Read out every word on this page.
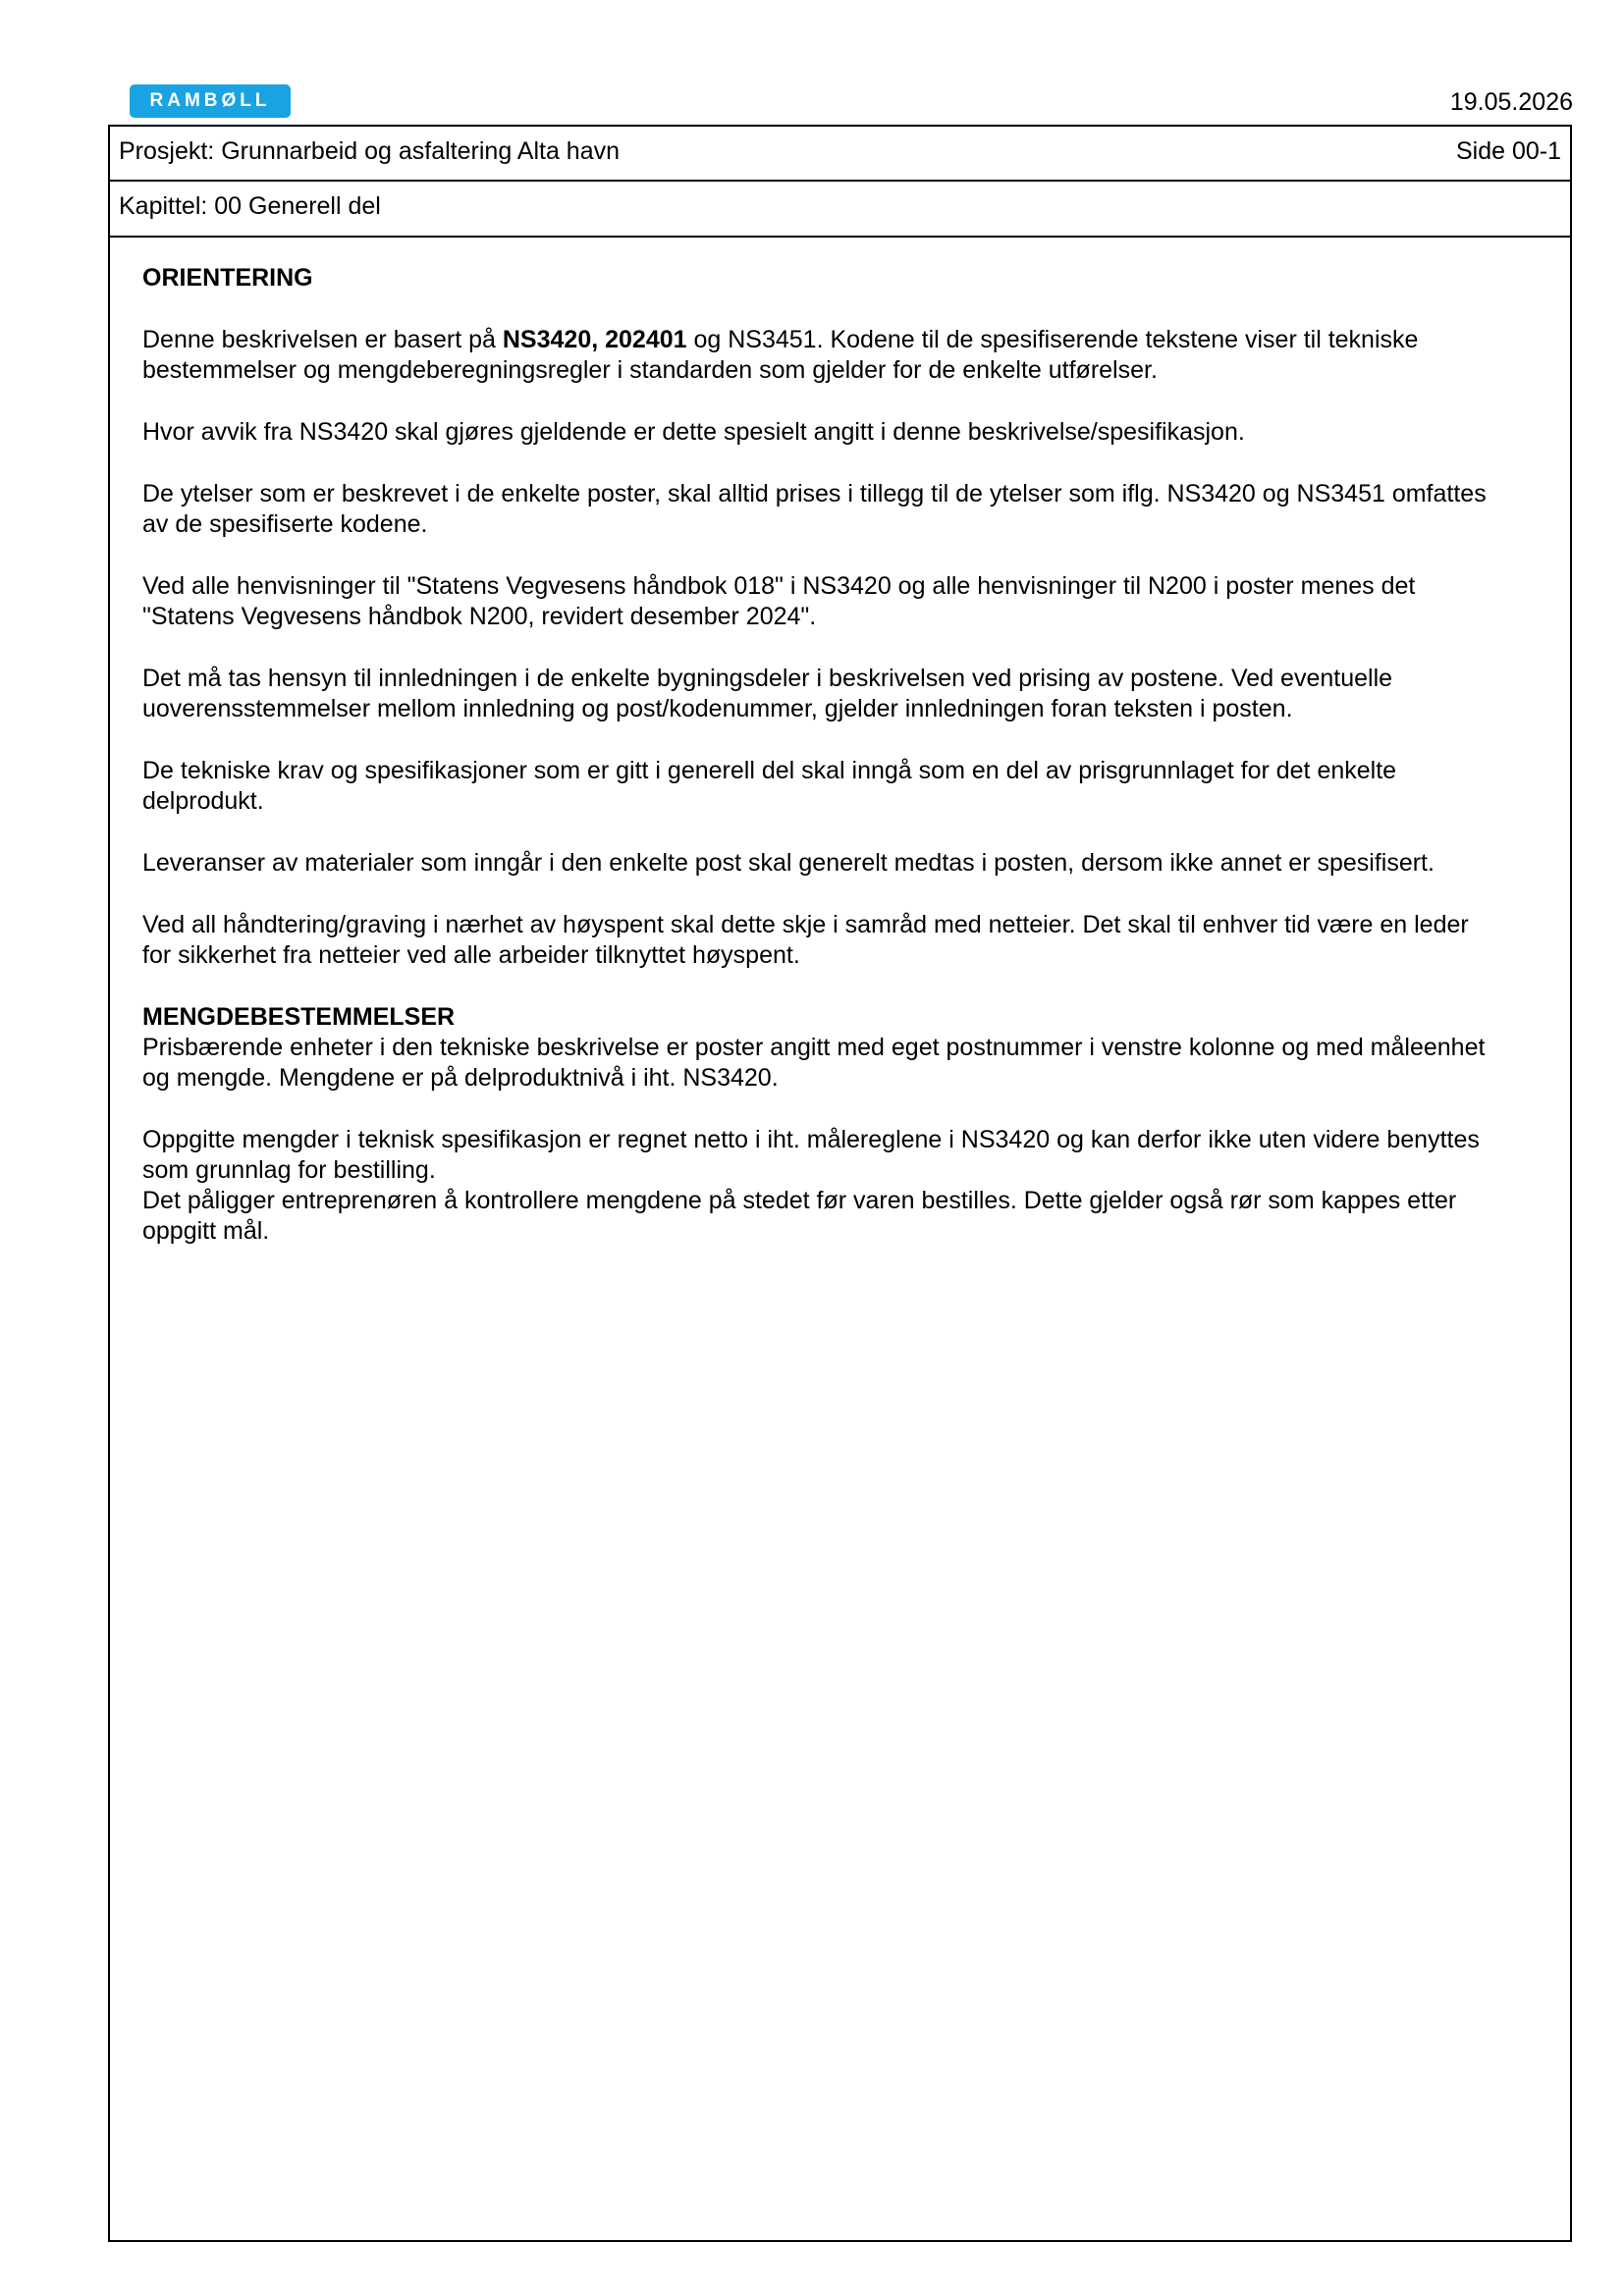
RAMBØLL	19.05.2026
Prosjekt: Grunnarbeid og asfaltering Alta havn	Side 00-1
Kapittel: 00 Generell del
ORIENTERING

Denne beskrivelsen er basert på NS3420, 202401 og NS3451. Kodene til de spesifiserende tekstene viser til tekniske bestemmelser og mengdeberegningsregler i standarden som gjelder for de enkelte utførelser.

Hvor avvik fra NS3420 skal gjøres gjeldende er dette spesielt angitt i denne beskrivelse/spesifikasjon.

De ytelser som er beskrevet i de enkelte poster, skal alltid prises i tillegg til de ytelser som iflg. NS3420 og NS3451 omfattes av de spesifiserte kodene.

Ved alle henvisninger til "Statens Vegvesens håndbok 018" i NS3420 og alle henvisninger til N200 i poster menes det "Statens Vegvesens håndbok N200, revidert desember 2024".

Det må tas hensyn til innledningen i de enkelte bygningsdeler i beskrivelsen ved prising av postene. Ved eventuelle uoverensstemmelser mellom innledning og post/kodenummer, gjelder innledningen foran teksten i posten.

De tekniske krav og spesifikasjoner som er gitt i generell del skal inngå som en del av prisgrunnlaget for det enkelte delprodukt.

Leveranser av materialer som inngår i den enkelte post skal generelt medtas i posten, dersom ikke annet er spesifisert.

Ved all håndtering/graving i nærhet av høyspent skal dette skje i samråd med netteier. Det skal til enhver tid være en leder for sikkerhet fra netteier ved alle arbeider tilknyttet høyspent.

MENGDEBESTEMMELSER

Prisbærende enheter i den tekniske beskrivelse er poster angitt med eget postnummer i venstre kolonne og med måleenhet og mengde. Mengdene er på delproduktnivå i iht. NS3420.

Oppgitte mengder i teknisk spesifikasjon er regnet netto i iht. målereglene i NS3420 og kan derfor ikke uten videre benyttes som grunnlag for bestilling.

Det påligger entreprenøren å kontrollere mengdene på stedet før varen bestilles. Dette gjelder også rør som kappes etter oppgitt mål.
